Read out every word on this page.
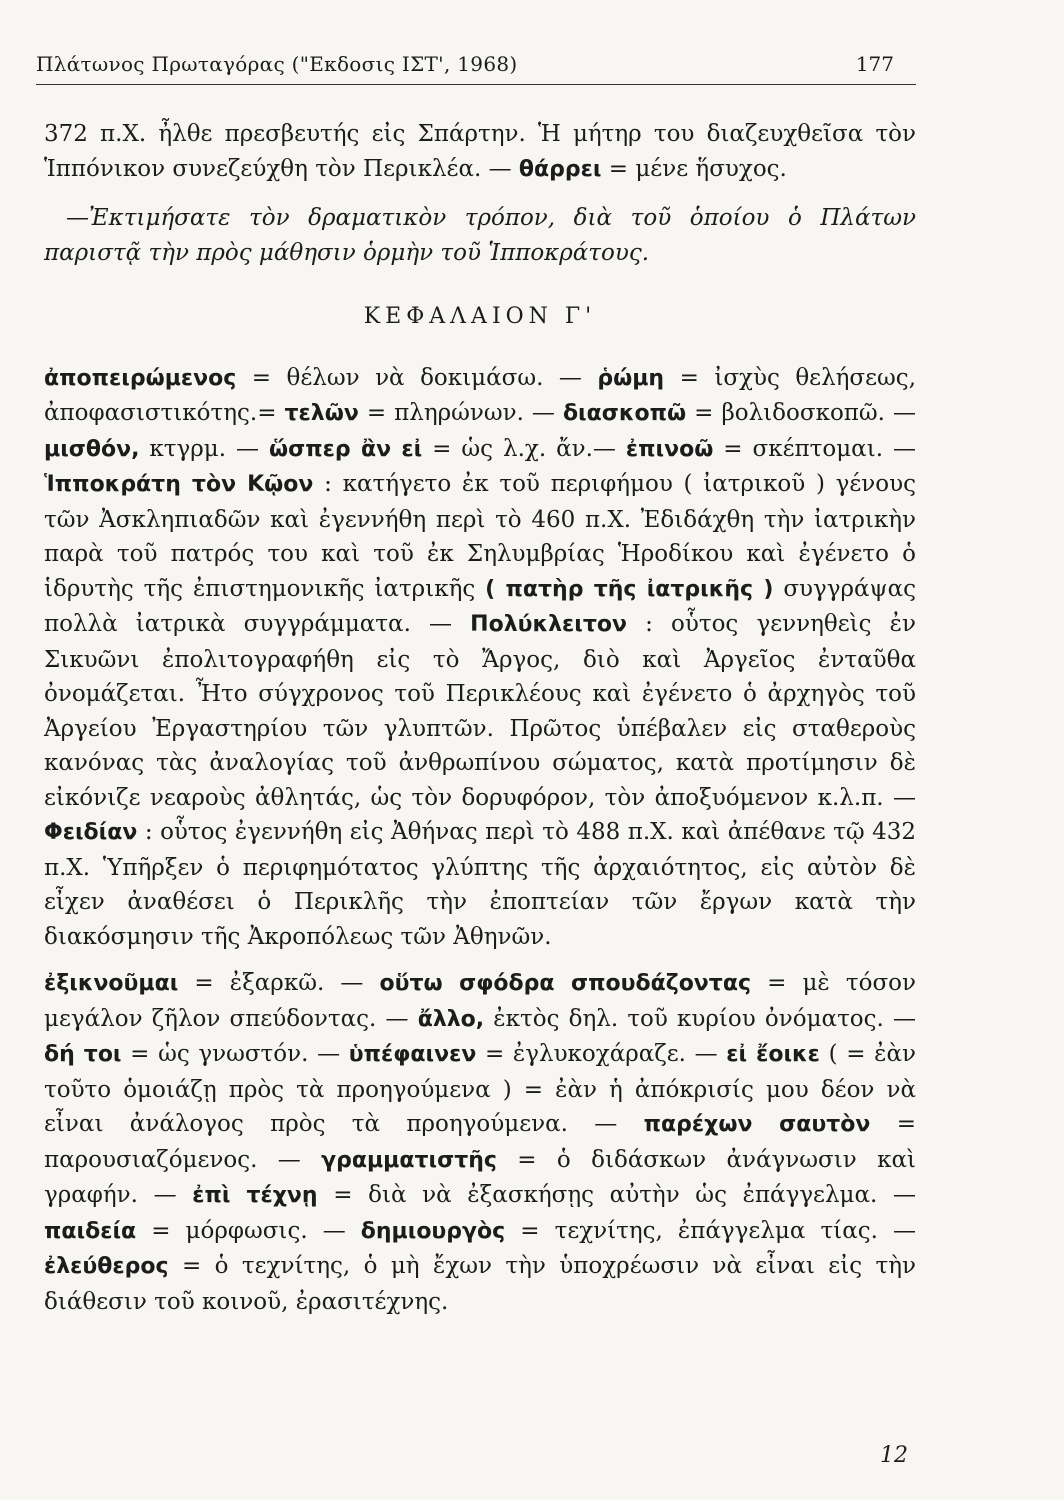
Πλάτωνος Πρωταγόρας ("Εκδοσις ΙΣΤ', 1968)	177

372 π.Χ. ἦλθε πρεσβευτής εἰς Σπάρτην. Ἡ μήτηρ του διαζευχθεῖσα τὸν Ἱππόνικον συνεζεύχθη τὸν Περικλέα. — θάρρει = μένε ἥσυχος.

—Ἐκτιμήσατε τὸν δραματικὸν τρόπον, διὰ τοῦ ὁποίου ὁ Πλάτων παριστᾷ τὴν πρὸς μάθησιν ὁρμὴν τοῦ Ἱπποκράτους.

ΚΕΦΑΛΑΙΟΝ Γ'

ἀποπειρώμενος = θέλων νὰ δοκιμάσω. — ῥώμη = ἰσχὺς θελήσεως, ἀποφασιστικότης.= τελῶν = πληρώνων. — διασκοπῶ = βολιδοσκοπῶ. — μισθόν, κτγρμ. — ὥσπερ ἂν εἰ = ὡς λ.χ. ἄν.— ἐπινοῶ = σκέπτομαι. — Ἱπποκράτη τὸν Κῷον : κατήγετο ἐκ τοῦ περιφήμου ( ἰατρικοῦ ) γένους τῶν Ἀσκληπιαδῶν καὶ ἐγεννήθη περὶ τὸ 460 π.Χ. Ἐδιδάχθη τὴν ἰατρικὴν παρὰ τοῦ πατρός του καὶ τοῦ ἐκ Σηλυμβρίας Ἡροδίκου καὶ ἐγένετο ὁ ἱδρυτὴς τῆς ἐπιστημονικῆς ἰατρικῆς ( πατὴρ τῆς ἰατρικῆς ) συγγράψας πολλὰ ἰατρικὰ συγγράμματα. — Πολύκλειτον : οὗτος γεννηθεὶς ἐν Σικυῶνι ἐπολιτογραφήθη εἰς τὸ Ἄργος, διὸ καὶ Ἀργεῖος ἐνταῦθα ὀνομάζεται. Ἦτο σύγχρονος τοῦ Περικλέους καὶ ἐγένετο ὁ ἀρχηγὸς τοῦ Ἀργείου Ἐργαστηρίου τῶν γλυπτῶν. Πρῶτος ὑπέβαλεν εἰς σταθεροὺς κανόνας τὰς ἀναλογίας τοῦ ἀνθρωπίνου σώματος, κατὰ προτίμησιν δὲ εἰκόνιζε νεαροὺς ἀθλητάς, ὡς τὸν δορυφόρον, τὸν ἀποξυόμενον κ.λ.π. — Φειδίαν : οὗτος ἐγεννήθη εἰς Ἀθήνας περὶ τὸ 488 π.Χ. καὶ ἀπέθανε τῷ 432 π.Χ. Ὑπῆρξεν ὁ περιφημότατος γλύπτης τῆς ἀρχαιότητος, εἰς αὐτὸν δὲ εἶχεν ἀναθέσει ὁ Περικλῆς τὴν ἐποπτείαν τῶν ἔργων κατὰ τὴν διακόσμησιν τῆς Ἀκροπόλεως τῶν Ἀθηνῶν.

ἐξικνοῦμαι = ἐξαρκῶ. — οὕτω σφόδρα σπουδάζοντας = μὲ τόσον μεγάλον ζῆλον σπεύδοντας. — ἄλλο, ἐκτὸς δηλ. τοῦ κυρίου ὀνόματος. — δή τοι = ὡς γνωστόν. — ὑπέφαινεν = ἐγλυκοχάραζε. — εἰ ἔοικε ( = ἐὰν τοῦτο ὁμοιάζῃ πρὸς τὰ προηγούμενα ) = ἐὰν ἡ ἀπόκρισίς μου δέον νὰ εἶναι ἀνάλογος πρὸς τὰ προηγούμενα. — παρέχων σαυτὸν = παρουσιαζόμενος. — γραμματιστῆς = ὁ διδάσκων ἀνάγνωσιν καὶ γραφήν. — ἐπὶ τέχνῃ = διὰ νὰ ἐξασκήσῃς αὐτὴν ὡς ἐπάγγελμα. — παιδεία = μόρφωσις. — δημιουργὸς = τεχνίτης, ἐπάγγελμα τίας. — ἐλεύθερος = ὁ τεχνίτης, ὁ μὴ ἔχων τὴν ὑποχρέωσιν νὰ εἶναι εἰς τὴν διάθεσιν τοῦ κοινοῦ, ἐρασιτέχνης.

12
